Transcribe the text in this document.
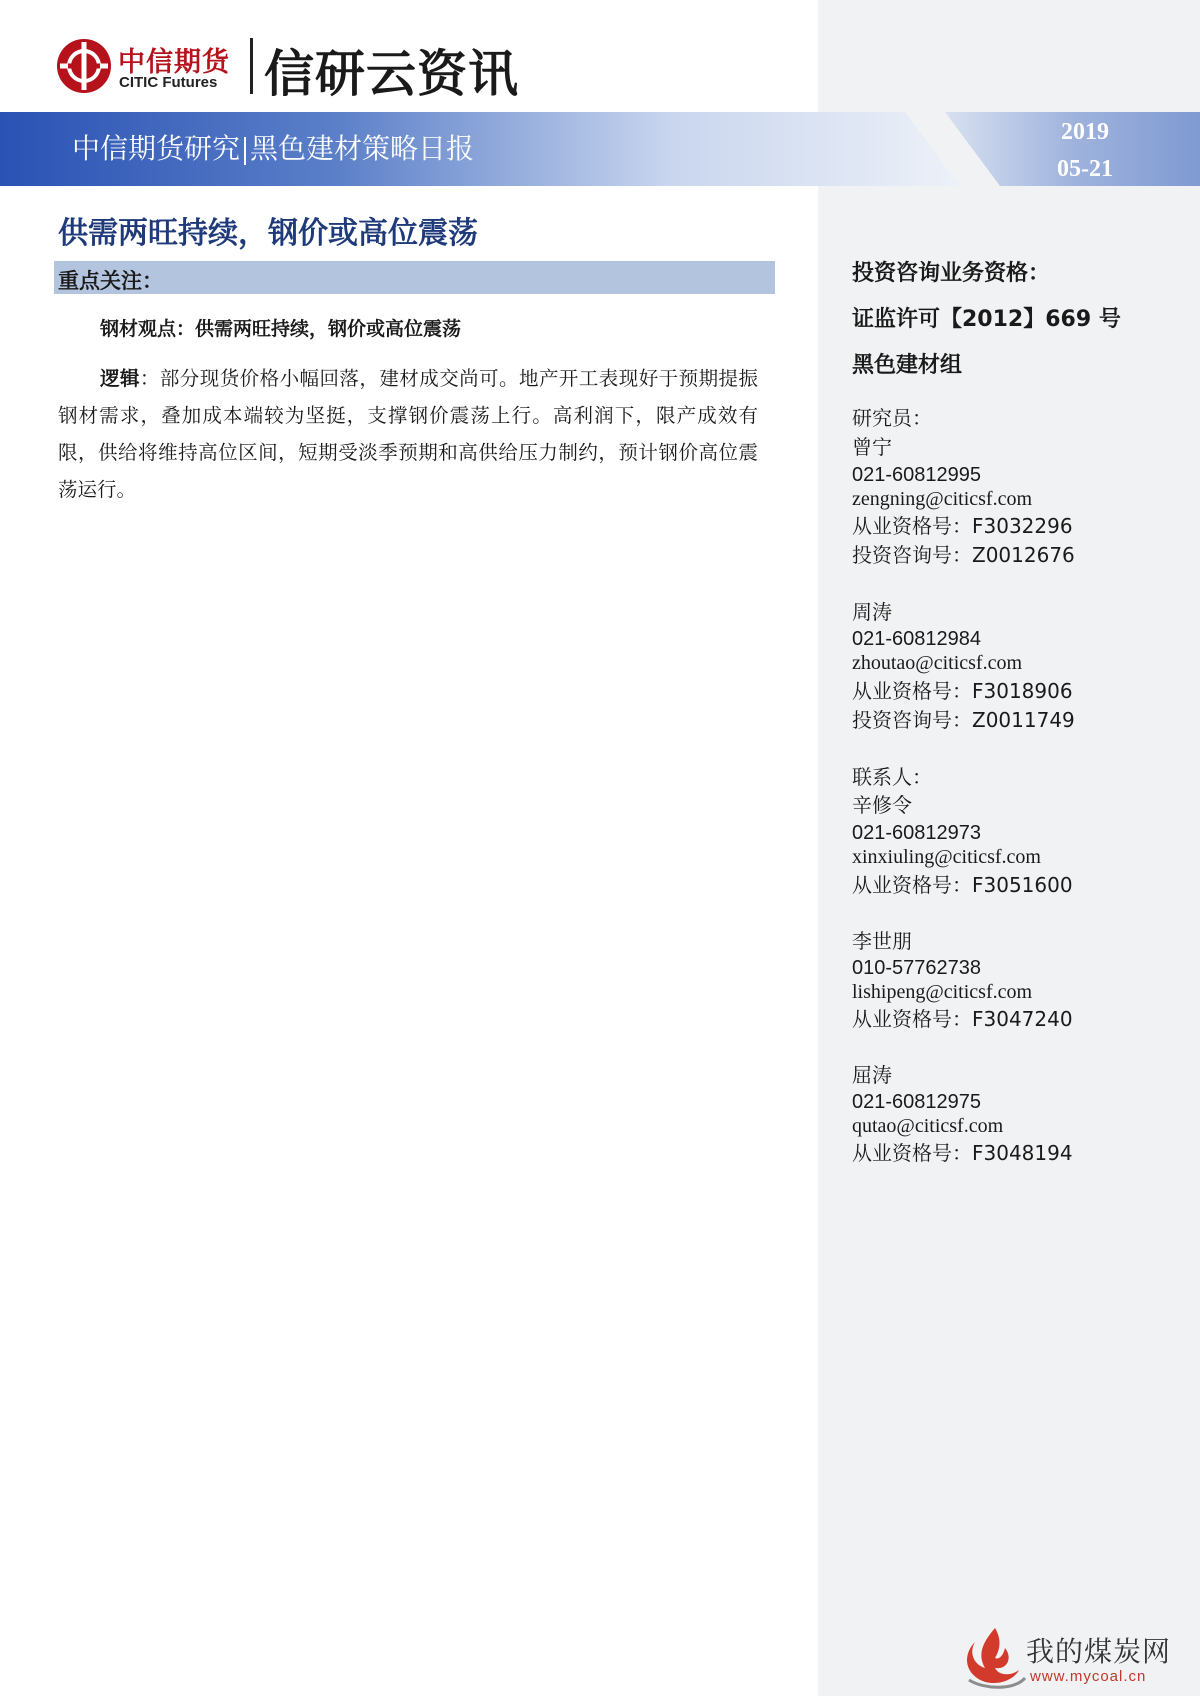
中信期货
CITIC Futures 信研云资讯
中信期货研究 黑色建材策略日报	2019
05-21
供需两旺持续，钢价或高位震荡
重点关注：
钢材观点：供需两旺持续，钢价或高位震荡
逻辑：部分现货价格小幅回落，建材成交尚可。地产开工表现好于预期提振钢材需求，叠加成本端较为坚挺，支撑钢价震荡上行。高利润下，限产成效有限，供给将维持高位区间，短期受淡季预期和高供给压力制约，预计钢价高位震荡运行。
投资咨询业务资格：
证监许可【2012】669 号
黑色建材组
研究员：
曾宁
021-60812995
zengning@citicsf.com
从业资格号：F3032296
投资咨询号：Z0012676
周涛
021-60812984
zhoutao@citicsf.com
从业资格号：F3018906
投资咨询号：Z0011749
联系人：
辛修令
021-60812973
xinxiuling@citicsf.com
从业资格号：F3051600
李世朋
010-57762738
lishipeng@citicsf.com
从业资格号：F3047240
屈涛
021-60812975
qutao@citicsf.com
从业资格号：F3048194
我的煤炭网
www.mycoal.cn
